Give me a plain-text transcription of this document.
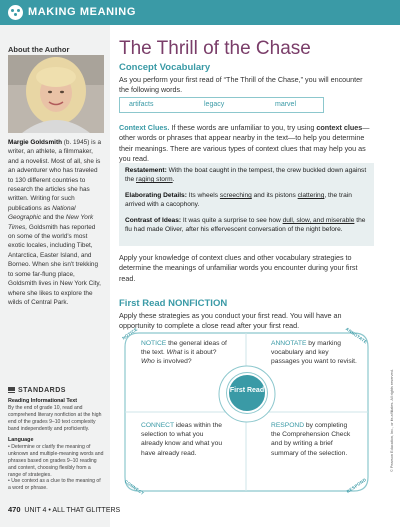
MAKING MEANING
About the Author
Margie Goldsmith (b. 1945) is a writer, an athlete, a filmmaker, and a novelist. Most of all, she is an adventurer who has traveled to 130 different countries to research the articles she has written. Writing for such publications as National Geographic and the New York Times, Goldsmith has reported on some of the world's most exotic locales, including Tibet, Antarctica, Easter Island, and Borneo. When she isn't trekking to some far-flung place, Goldsmith lives in New York City, where she likes to explore the wilds of Central Park.
STANDARDS
Reading Informational Text
By the end of grade 10, read and comprehend literary nonfiction at the high end of the grades 9–10 text complexity band independently and proficiently.
Language
• Determine or clarify the meaning of unknown and multiple-meaning words and phrases based on grades 9–10 reading and content, choosing flexibly from a range of strategies.
• Use context as a clue to the meaning of a word or phrase.
470 UNIT 4 • ALL THAT GLITTERS
The Thrill of the Chase
Concept Vocabulary
As you perform your first read of “The Thrill of the Chase,” you will encounter the following words.
artifacts	legacy	marvel
Context Clues. If these words are unfamiliar to you, try using context clues—other words or phrases that appear nearby in the text—to help you determine their meanings. There are various types of context clues that may help you as you read.
Restatement: With the boat caught in the tempest, the crew buckled down against the raging storm.
Elaborating Details: Its wheels screeching and its pistons clattering, the train arrived with a cacophony.
Contrast of Ideas: It was quite a surprise to see how dull, slow, and miserable the flu had made Oliver, after his effervescent conversation of the night before.
Apply your knowledge of context clues and other vocabulary strategies to determine the meanings of unfamiliar words you encounter during your first read.
First Read NONFICTION
Apply these strategies as you conduct your first read. You will have an opportunity to complete a close read after your first read.
NOTICE	ANNOTATE
CONNECT	RESPOND
NOTICE the general ideas of the text. What is it about? Who is involved?
ANNOTATE by marking vocabulary and key passages you want to revisit.
CONNECT ideas within the selection to what you already know and what you have already read.
RESPOND by completing the Comprehension Check and by writing a brief summary of the selection.
First Read	© Pearson Education, Inc., or its affiliates. All rights reserved.
